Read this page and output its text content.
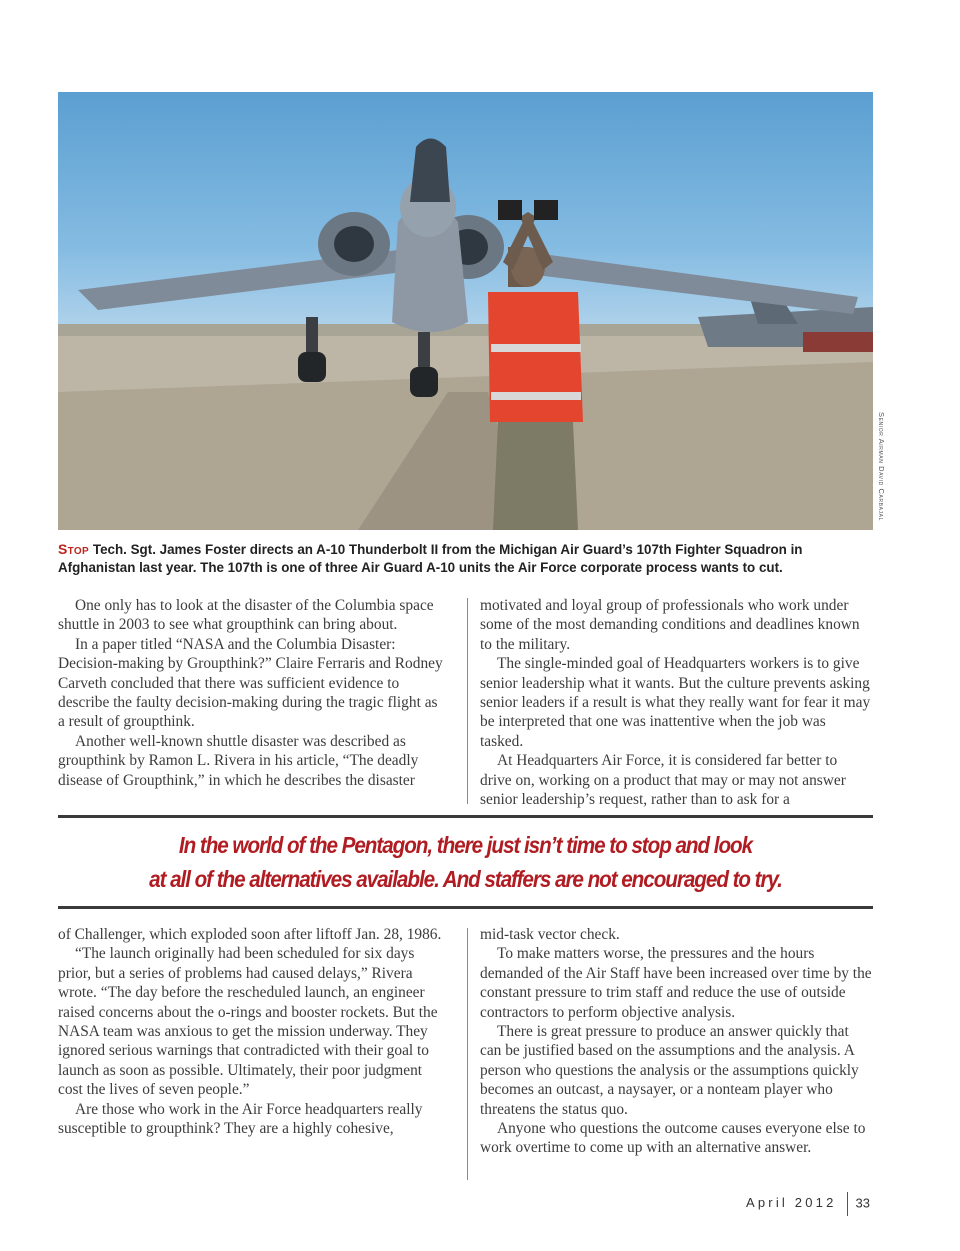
Senior Airman David Carbajal
Stop Tech. Sgt. James Foster directs an A-10 Thunderbolt II from the Michigan Air Guard’s 107th Fighter Squadron in Afghanistan last year. The 107th is one of three Air Guard A-10 units the Air Force corporate process wants to cut.

One only has to look at the disaster of the Columbia space shuttle in 2003 to see what groupthink can bring about.

In a paper titled “NASA and the Columbia Disaster: Decision-making by Groupthink?” Claire Ferraris and Rodney Carveth concluded that there was sufficient evidence to describe the faulty decision-making during the tragic flight as a result of groupthink.

Another well-known shuttle disaster was described as groupthink by Ramon L. Rivera in his article, “The deadly disease of Groupthink,” in which he describes the disaster

motivated and loyal group of professionals who work under some of the most demanding conditions and deadlines known to the military.

The single-minded goal of Headquarters workers is to give senior leadership what it wants. But the culture prevents asking senior leaders if a result is what they really want for fear it may be interpreted that one was inattentive when the job was tasked.

At Headquarters Air Force, it is considered far better to drive on, working on a product that may or may not answer senior leadership’s request, rather than to ask for a

In the world of the Pentagon, there just isn’t time to stop and look
at all of the alternatives available. And staffers are not encouraged to try.

of Challenger, which exploded soon after liftoff Jan. 28, 1986.

“The launch originally had been scheduled for six days prior, but a series of problems had caused delays,” Rivera wrote. “The day before the rescheduled launch, an engineer raised concerns about the o-rings and booster rockets. But the NASA team was anxious to get the mission underway. They ignored serious warnings that contradicted with their goal to launch as soon as possible. Ultimately, their poor judgment cost the lives of seven people.”

Are those who work in the Air Force headquarters really susceptible to groupthink? They are a highly cohesive,

mid-task vector check.

To make matters worse, the pressures and the hours demanded of the Air Staff have been increased over time by the constant pressure to trim staff and reduce the use of outside contractors to perform objective analysis.

There is great pressure to produce an answer quickly that can be justified based on the assumptions and the analysis. A person who questions the analysis or the assumptions quickly becomes an outcast, a naysayer, or a nonteam player who threatens the status quo.

Anyone who questions the outcome causes everyone else to work overtime to come up with an alternative answer.

April 2012 33
